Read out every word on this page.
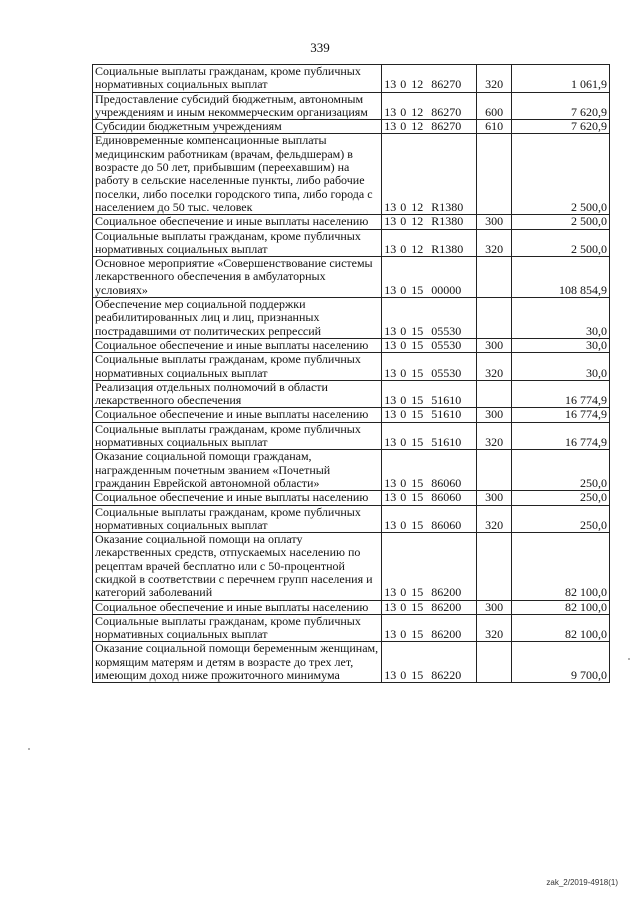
339
Социальные выплаты гражданам, кроме публичных нормативных социальных выплат	13 0 12 86270	320	1 061,9
Предоставление субсидий бюджетным, автономным учреждениям и иным некоммерческим организациям	13 0 12 86270	600	7 620,9
Субсидии бюджетным учреждениям	13 0 12 86270	610	7 620,9
Единовременные компенсационные выплаты медицинским работникам (врачам, фельдшерам) в возрасте до 50 лет, прибывшим (переехавшим) на работу в сельские населенные пункты, либо рабочие поселки, либо поселки городского типа, либо города с населением до 50 тыс. человек	13 0 12 R1380		2 500,0
Социальное обеспечение и иные выплаты населению	13 0 12 R1380	300	2 500,0
Социальные выплаты гражданам, кроме публичных нормативных социальных выплат	13 0 12 R1380	320	2 500,0
Основное мероприятие «Совершенствование системы лекарственного обеспечения в амбулаторных условиях»	13 0 15 00000		108 854,9
Обеспечение мер социальной поддержки реабилитированных лиц и лиц, признанных пострадавшими от политических репрессий	13 0 15 05530		30,0
Социальное обеспечение и иные выплаты населению	13 0 15 05530	300	30,0
Социальные выплаты гражданам, кроме публичных нормативных социальных выплат	13 0 15 05530	320	30,0
Реализация отдельных полномочий в области лекарственного обеспечения	13 0 15 51610		16 774,9
Социальное обеспечение и иные выплаты населению	13 0 15 51610	300	16 774,9
Социальные выплаты гражданам, кроме публичных нормативных социальных выплат	13 0 15 51610	320	16 774,9
Оказание социальной помощи гражданам, награжденным почетным званием «Почетный гражданин Еврейской автономной области»	13 0 15 86060		250,0
Социальное обеспечение и иные выплаты населению	13 0 15 86060	300	250,0
Социальные выплаты гражданам, кроме публичных нормативных социальных выплат	13 0 15 86060	320	250,0
Оказание социальной помощи на оплату лекарственных средств, отпускаемых населению по рецептам врачей бесплатно или с 50-процентной скидкой в соответствии с перечнем групп населения и категорий заболеваний	13 0 15 86200		82 100,0
Социальное обеспечение и иные выплаты населению	13 0 15 86200	300	82 100,0
Социальные выплаты гражданам, кроме публичных нормативных социальных выплат	13 0 15 86200	320	82 100,0
Оказание социальной помощи беременным женщинам, кормящим матерям и детям в возрасте до трех лет, имеющим доход ниже прожиточного минимума	13 0 15 86220		9 700,0
zak_2/2019-4918(1)
